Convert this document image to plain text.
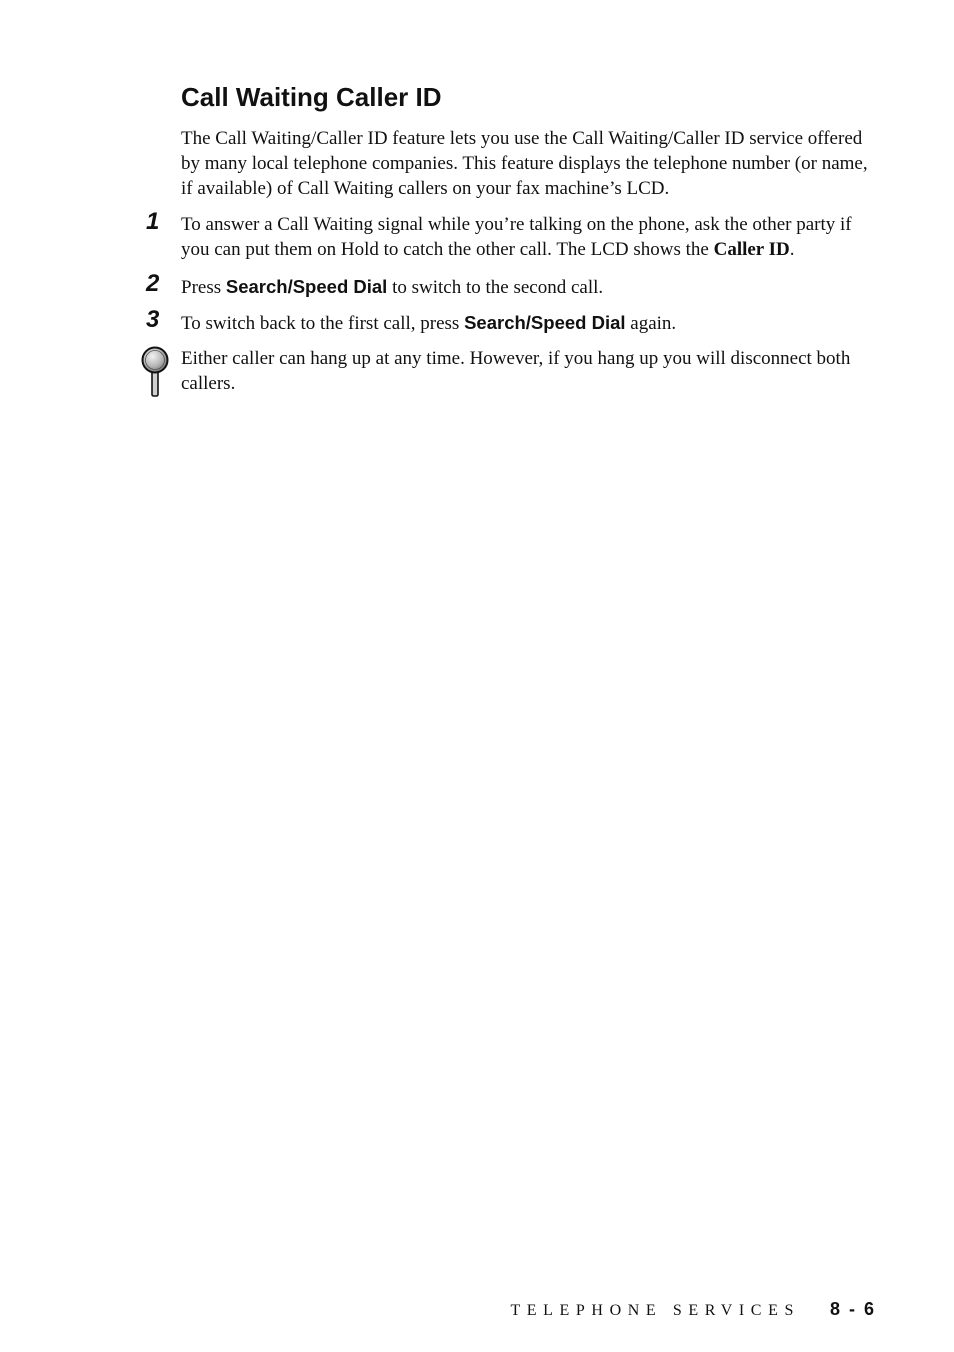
Call Waiting Caller ID

The Call Waiting/Caller ID feature lets you use the Call Waiting/Caller ID service offered by many local telephone companies. This feature displays the telephone number (or name, if available) of Call Waiting callers on your fax machine’s LCD.

1 To answer a Call Waiting signal while you’re talking on the phone, ask the other party if you can put them on Hold to catch the other call. The LCD shows the Caller ID.

2 Press Search/Speed Dial to switch to the second call.

3 To switch back to the first call, press Search/Speed Dial again.

Either caller can hang up at any time. However, if you hang up you will disconnect both callers.

TELEPHONE SERVICES 8 - 6
